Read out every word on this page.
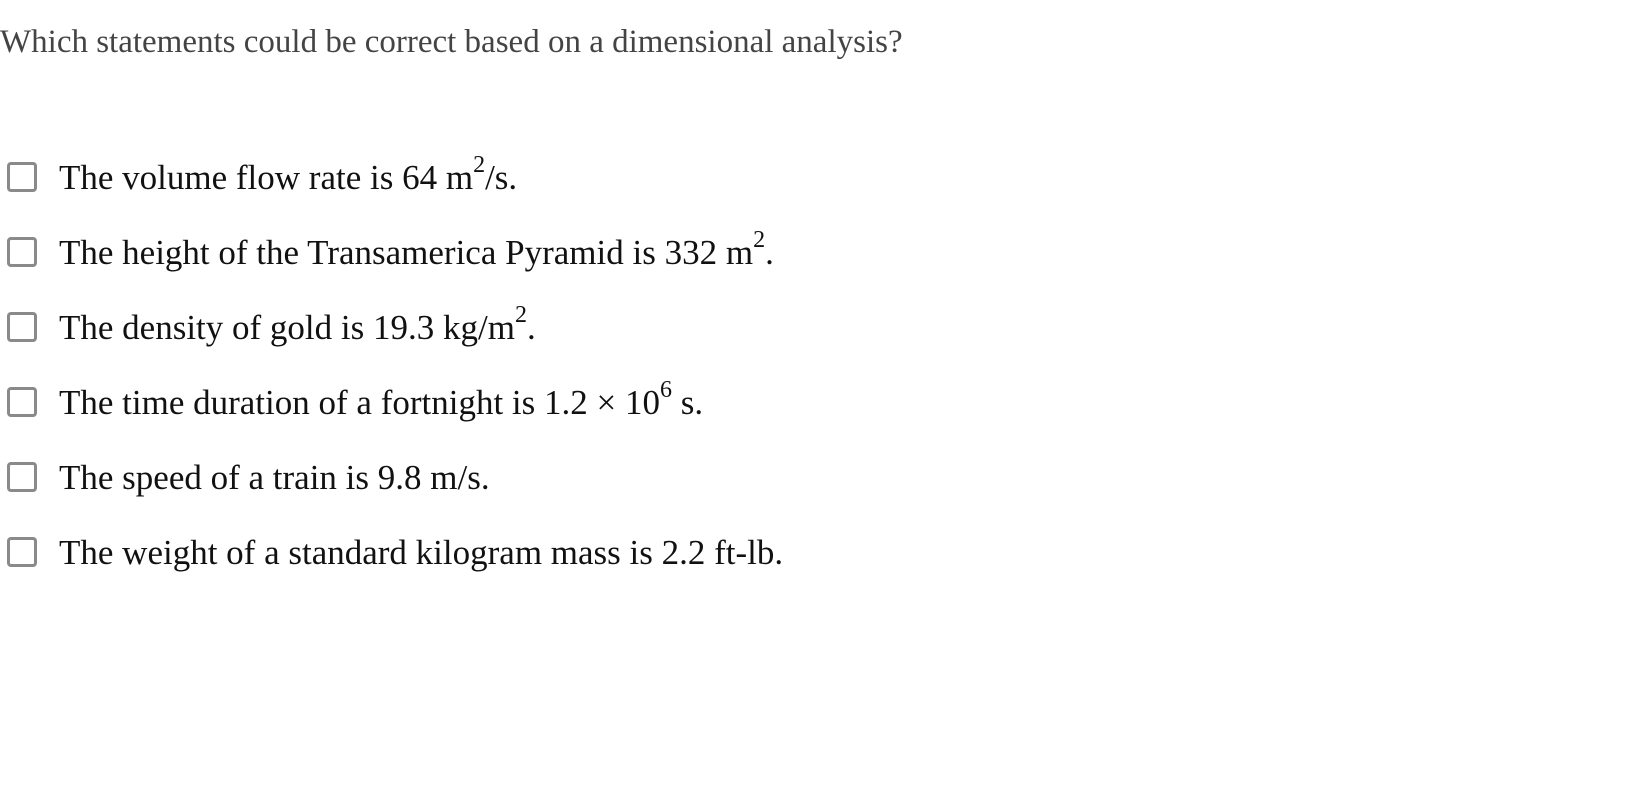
Which statements could be correct based on a dimensional analysis?

The volume flow rate is 64 $m^2/s$.
The height of the Transamerica Pyramid is 332 $m^2$.
The density of gold is 19.3 $kg/m^2$.
The time duration of a fortnight is $1.2 \times 10^6$ s.
The speed of a train is 9.8 m/s.
The weight of a standard kilogram mass is 2.2 ft-lb.
